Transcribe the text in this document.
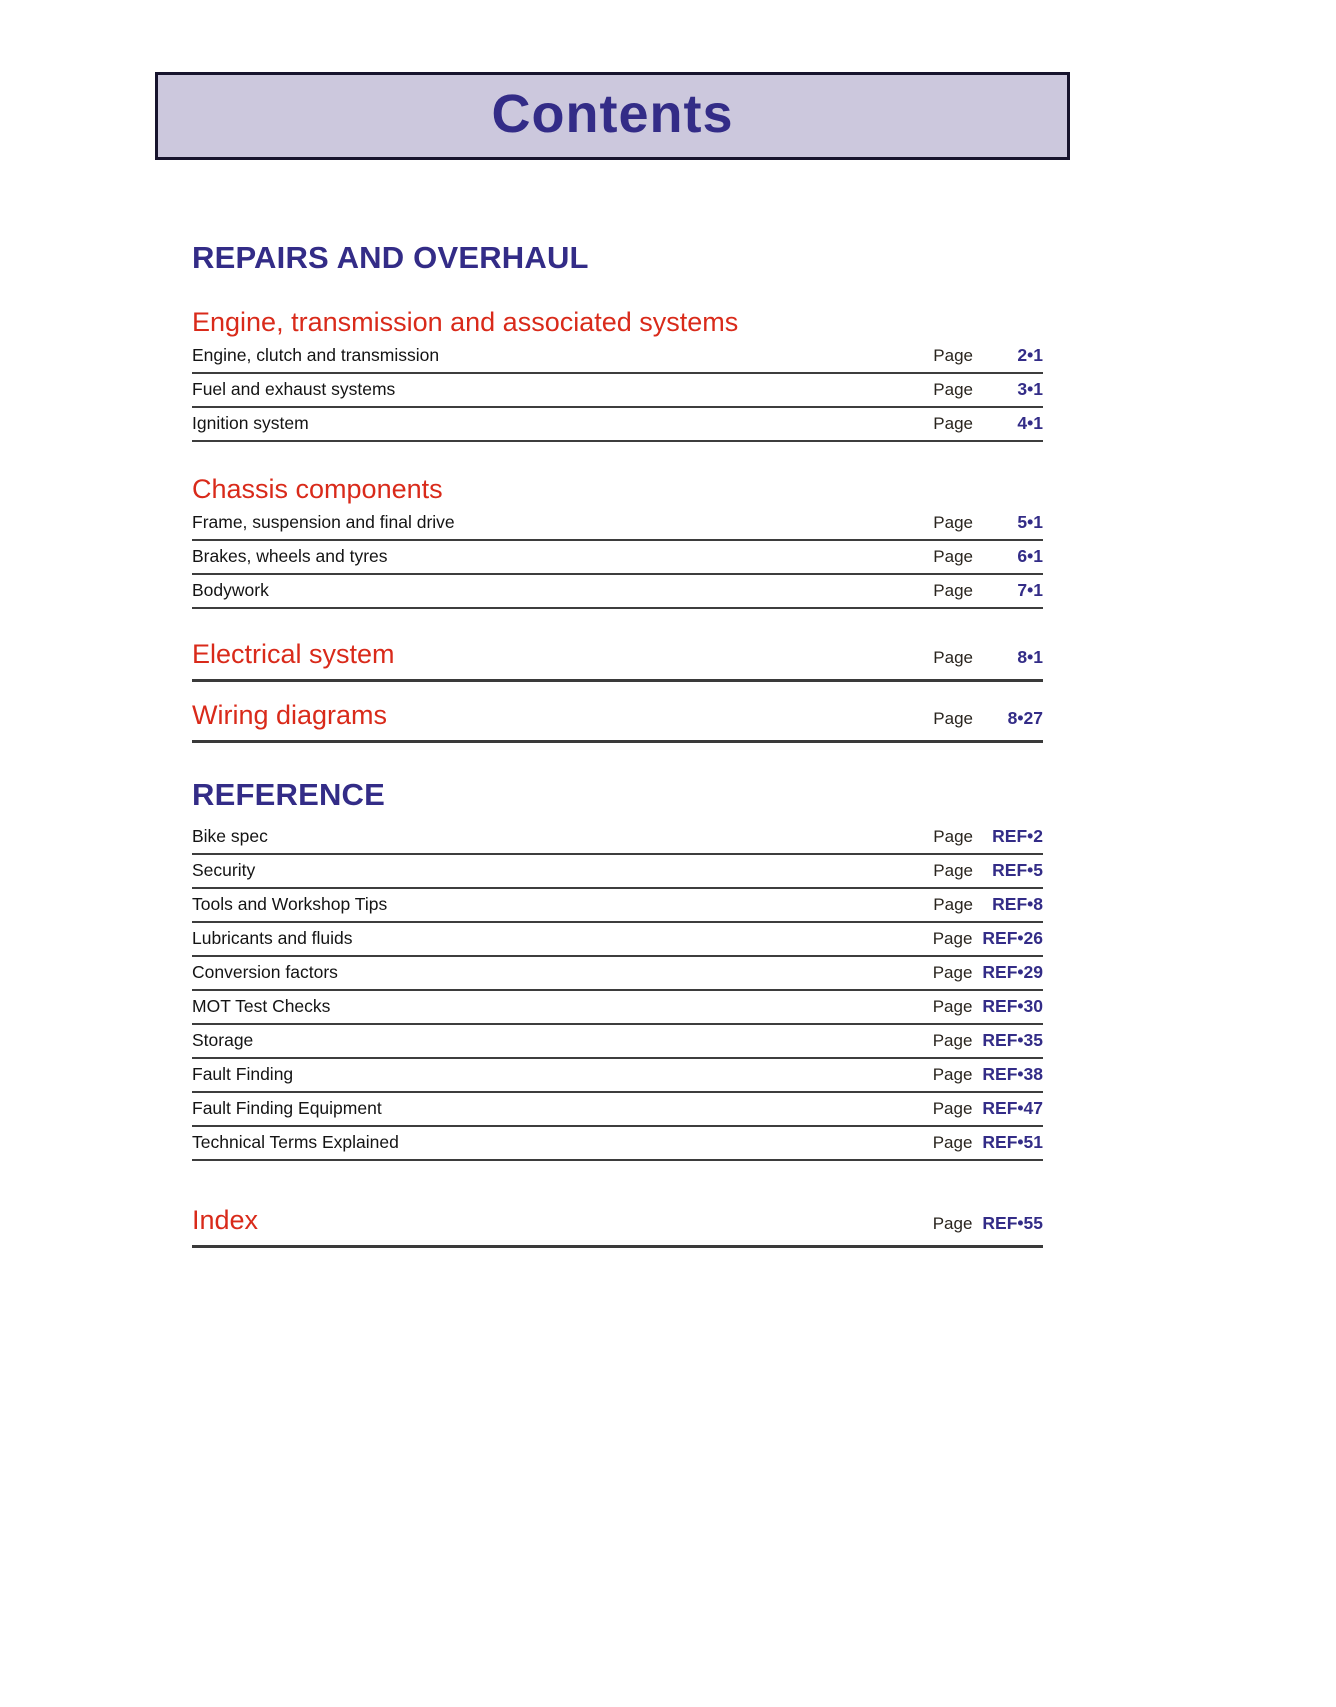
Contents
REPAIRS AND OVERHAUL
Engine, transmission and associated systems
Engine, clutch and transmission	Page	2•1
Fuel and exhaust systems	Page	3•1
Ignition system	Page	4•1
Chassis components
Frame, suspension and final drive	Page	5•1
Brakes, wheels and tyres	Page	6•1
Bodywork	Page	7•1
Electrical system	Page	8•1
Wiring diagrams	Page	8•27
REFERENCE
Bike spec	Page	REF•2
Security	Page	REF•5
Tools and Workshop Tips	Page	REF•8
Lubricants and fluids	Page REF•26
Conversion factors	Page REF•29
MOT Test Checks	Page REF•30
Storage	Page REF•35
Fault Finding	Page REF•38
Fault Finding Equipment	Page REF•47
Technical Terms Explained	Page REF•51
Index	Page REF•55
